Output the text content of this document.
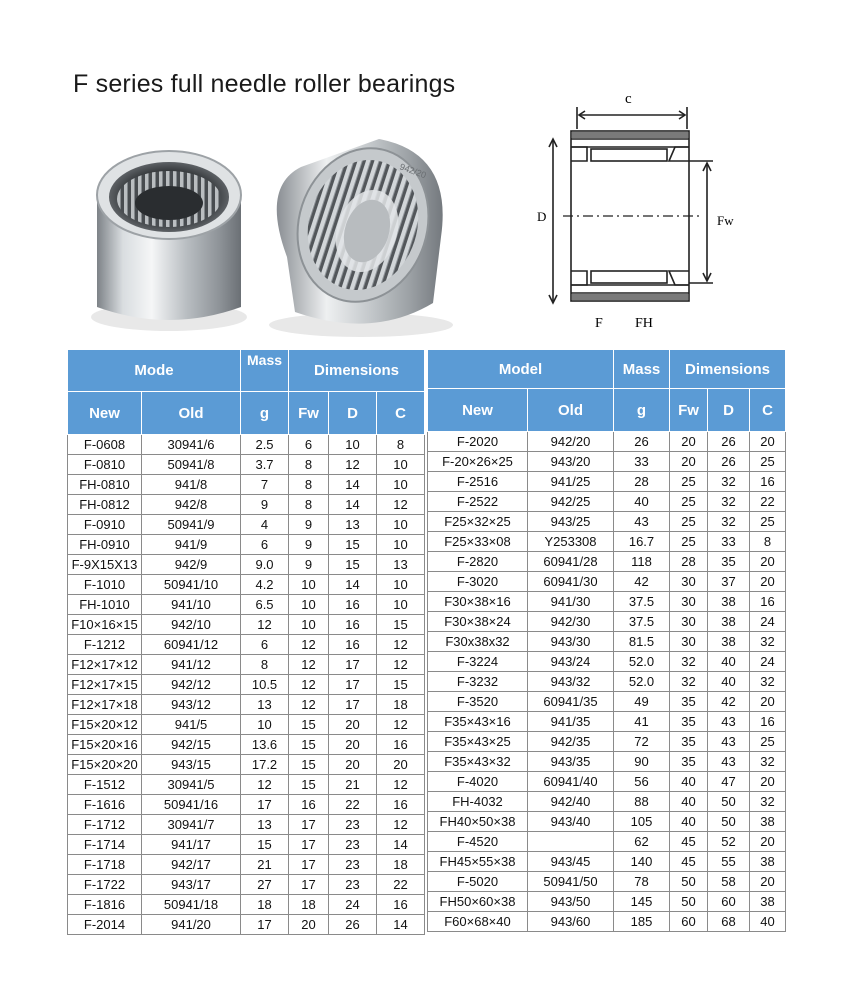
F series full needle roller bearings
942/20
c
D	Fw
F FH
Mode		Mass	Dimensions		
New	Old	g	Fw	D	C
F-0608	30941/6	2.5	6	10	8
F-0810	50941/8	3.7	8	12	10
FH-0810	941/8	7	8	14	10
FH-0812	942/8	9	8	14	12
F-0910	50941/9	4	9	13	10
FH-0910	941/9	6	9	15	10
F-9X15X13	942/9	9.0	9	15	13
F-1010	50941/10	4.2	10	14	10
FH-1010	941/10	6.5	10	16	10
F10×16×15	942/10	12	10	16	15
F-1212	60941/12	6	12	16	12
F12×17×12	941/12	8	12	17	12
F12×17×15	942/12	10.5	12	17	15
F12×17×18	943/12	13	12	17	18
F15×20×12	941/5	10	15	20	12
F15×20×16	942/15	13.6	15	20	16
F15×20×20	943/15	17.2	15	20	20
F-1512	30941/5	12	15	21	12
F-1616	50941/16	17	16	22	16
F-1712	30941/7	13	17	23	12
F-1714	941/17	15	17	23	14
F-1718	942/17	21	17	23	18
F-1722	943/17	27	17	23	22
F-1816	50941/18	18	18	24	16
F-2014	941/20	17	20	26	14
Model		Mass	Dimensions		
New	Old	g	Fw	D	C
F-2020	942/20	26	20	26	20
F-20×26×25	943/20	33	20	26	25
F-2516	941/25	28	25	32	16
F-2522	942/25	40	25	32	22
F25×32×25	943/25	43	25	32	25
F25×33×08	Y253308	16.7	25	33	8
F-2820	60941/28	118	28	35	20
F-3020	60941/30	42	30	37	20
F30×38×16	941/30	37.5	30	38	16
F30×38×24	942/30	37.5	30	38	24
F30x38x32	943/30	81.5	30	38	32
F-3224	943/24	52.0	32	40	24
F-3232	943/32	52.0	32	40	32
F-3520	60941/35	49	35	42	20
F35×43×16	941/35	41	35	43	16
F35×43×25	942/35	72	35	43	25
F35×43×32	943/35	90	35	43	32
F-4020	60941/40	56	40	47	20
FH-4032	942/40	88	40	50	32
FH40×50×38	943/40	105	40	50	38
F-4520		62	45	52	20
FH45×55×38	943/45	140	45	55	38
F-5020	50941/50	78	50	58	20
FH50×60×38	943/50	145	50	60	38
F60×68×40	943/60	185	60	68	40
